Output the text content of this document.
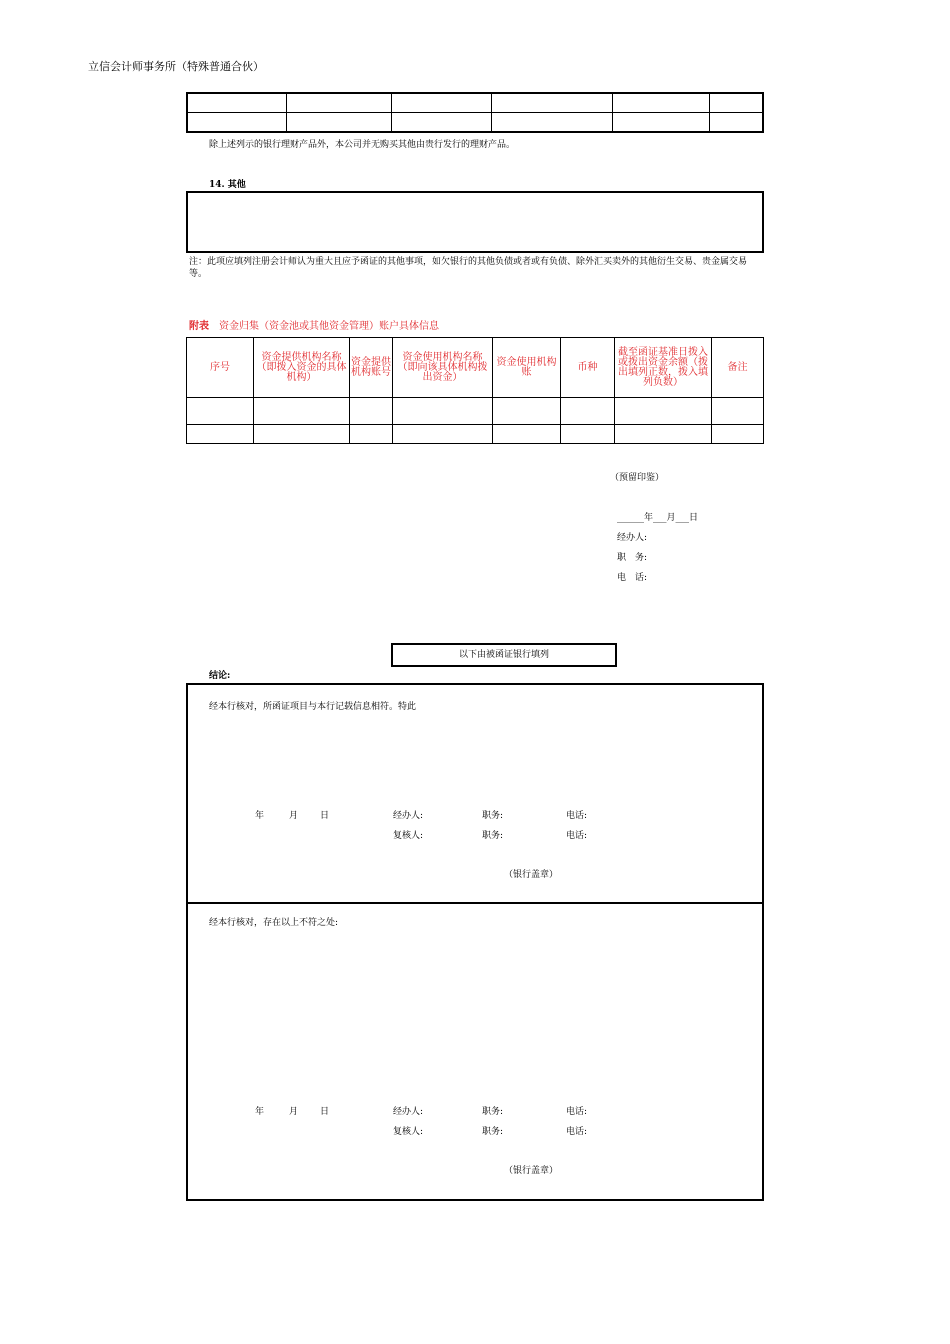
立信会计师事务所（特殊普通合伙）

除上述列示的银行理财产品外，本公司并无购买其他由贵行发行的理财产品。
14. 其他
注：此项应填列注册会计师认为重大且应予函证的其他事项，如欠银行的其他负债或者或有负债、除外汇买卖外的其他衍生交易、贵金属交易等。
附表 资金归集（资金池或其他资金管理）账户具体信息
序号	资金提供机构名称（即拨入资金的具体机构）	资金提供机构账号	资金使用机构名称（即向该具体机构拨出资金）	资金使用机构账	币种	截至函证基准日拨入或拨出资金余额（拨出填列正数，拨入填列负数）	备注

（预留印鉴）
______年___月___日
经办人:
职　务:
电　话:
以下由被函证银行填列
结论:
经本行核对，所函证项目与本行记载信息相符。特此
年	月 日	经办人:	职务:	电话:
复核人:	职务:	电话:
（银行盖章）
经本行核对，存在以上不符之处:
年	月 日	经办人:	职务:	电话:
复核人:	职务:	电话:
（银行盖章）
